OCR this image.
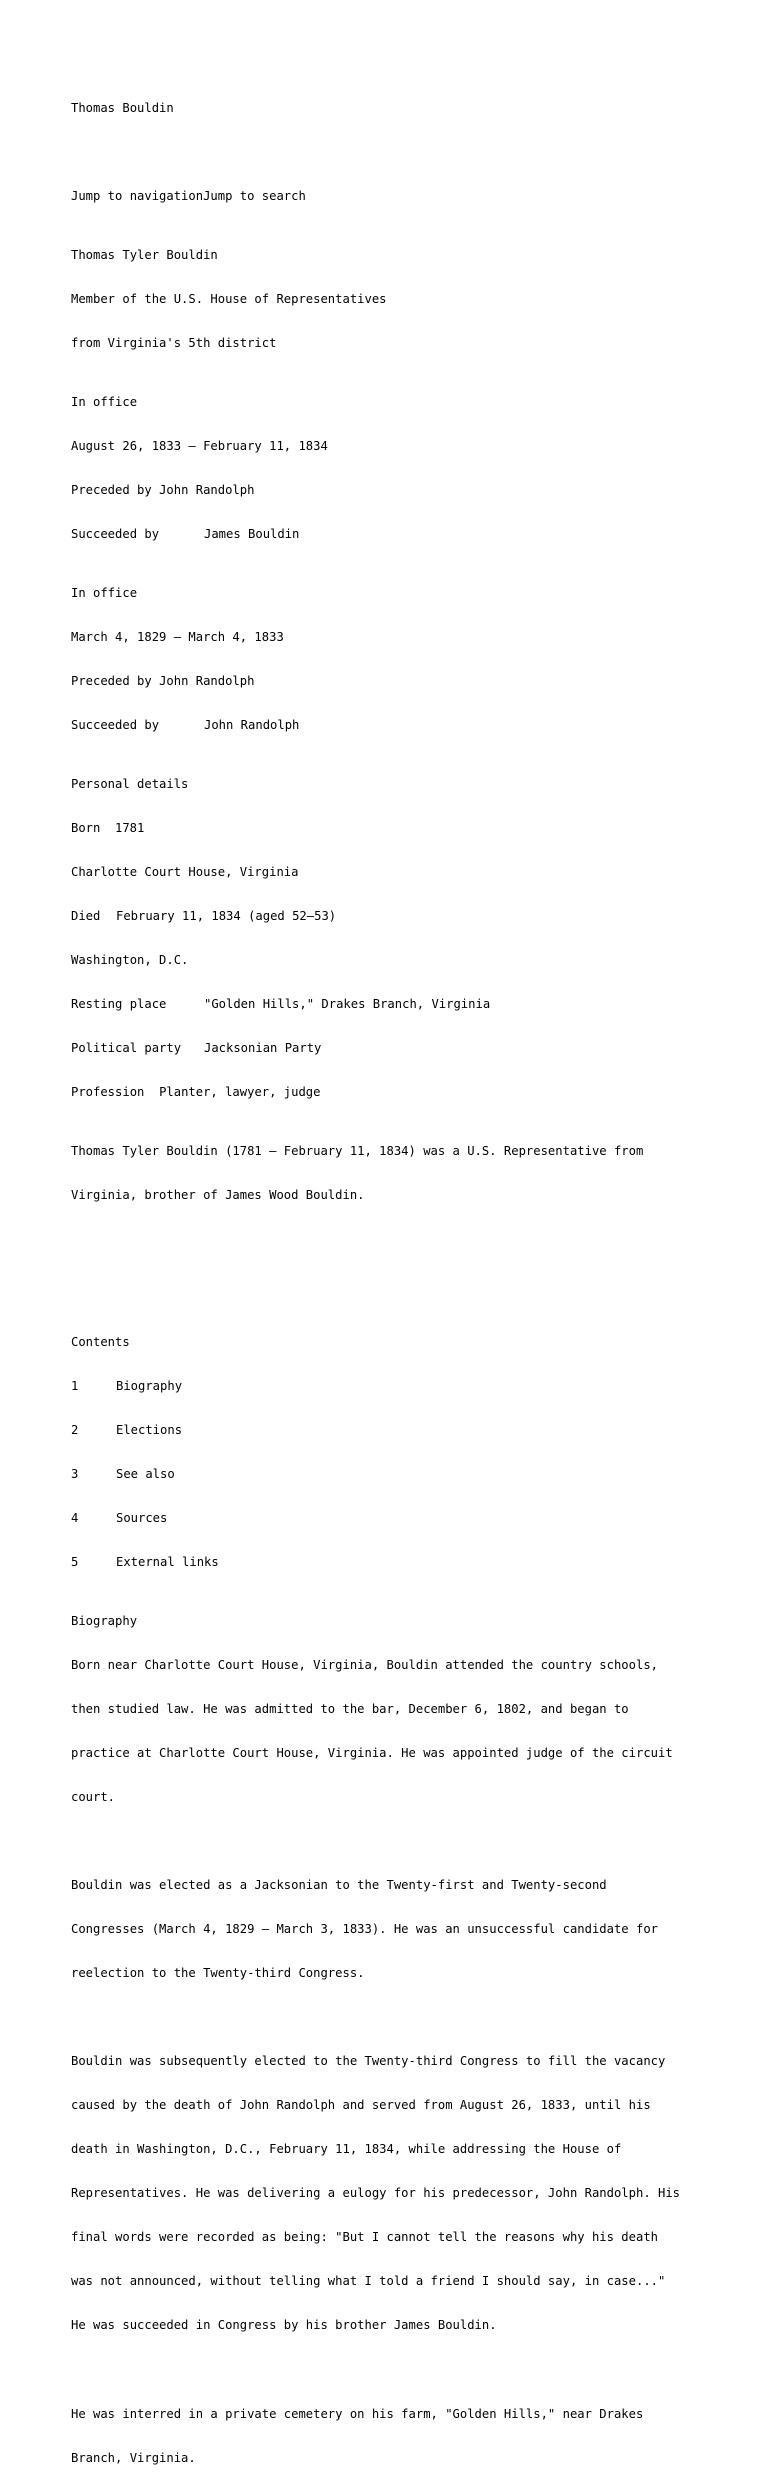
Thomas Bouldin

Jump to navigationJump to search

Thomas Tyler Bouldin

Member of the U.S. House of Representatives

from Virginia's 5th district

In office

August 26, 1833 – February 11, 1834

Preceded by John Randolph

Succeeded by	James Bouldin

In office

March 4, 1829 – March 4, 1833

Preceded by John Randolph

Succeeded by	John Randolph

Personal details

Born 1781

Charlotte Court House, Virginia

Died February 11, 1834 (aged 52–53)

Washington, D.C.

Resting place	"Golden Hills," Drakes Branch, Virginia

Political party Jacksonian Party

Profession Planter, lawyer, judge

Thomas Tyler Bouldin (1781 – February 11, 1834) was a U.S. Representative from

Virginia, brother of James Wood Bouldin.

Contents

1	Biography

2	Elections

3	See also

4	Sources

5	External links

Biography

Born near Charlotte Court House, Virginia, Bouldin attended the country schools,

then studied law. He was admitted to the bar, December 6, 1802, and began to

practice at Charlotte Court House, Virginia. He was appointed judge of the circuit

court.

Bouldin was elected as a Jacksonian to the Twenty-first and Twenty-second

Congresses (March 4, 1829 – March 3, 1833). He was an unsuccessful candidate for

reelection to the Twenty-third Congress.

Bouldin was subsequently elected to the Twenty-third Congress to fill the vacancy

caused by the death of John Randolph and served from August 26, 1833, until his

death in Washington, D.C., February 11, 1834, while addressing the House of

Representatives. He was delivering a eulogy for his predecessor, John Randolph. His

final words were recorded as being: "But I cannot tell the reasons why his death

was not announced, without telling what I told a friend I should say, in case..."

He was succeeded in Congress by his brother James Bouldin.

He was interred in a private cemetery on his farm, "Golden Hills," near Drakes

Branch, Virginia.
